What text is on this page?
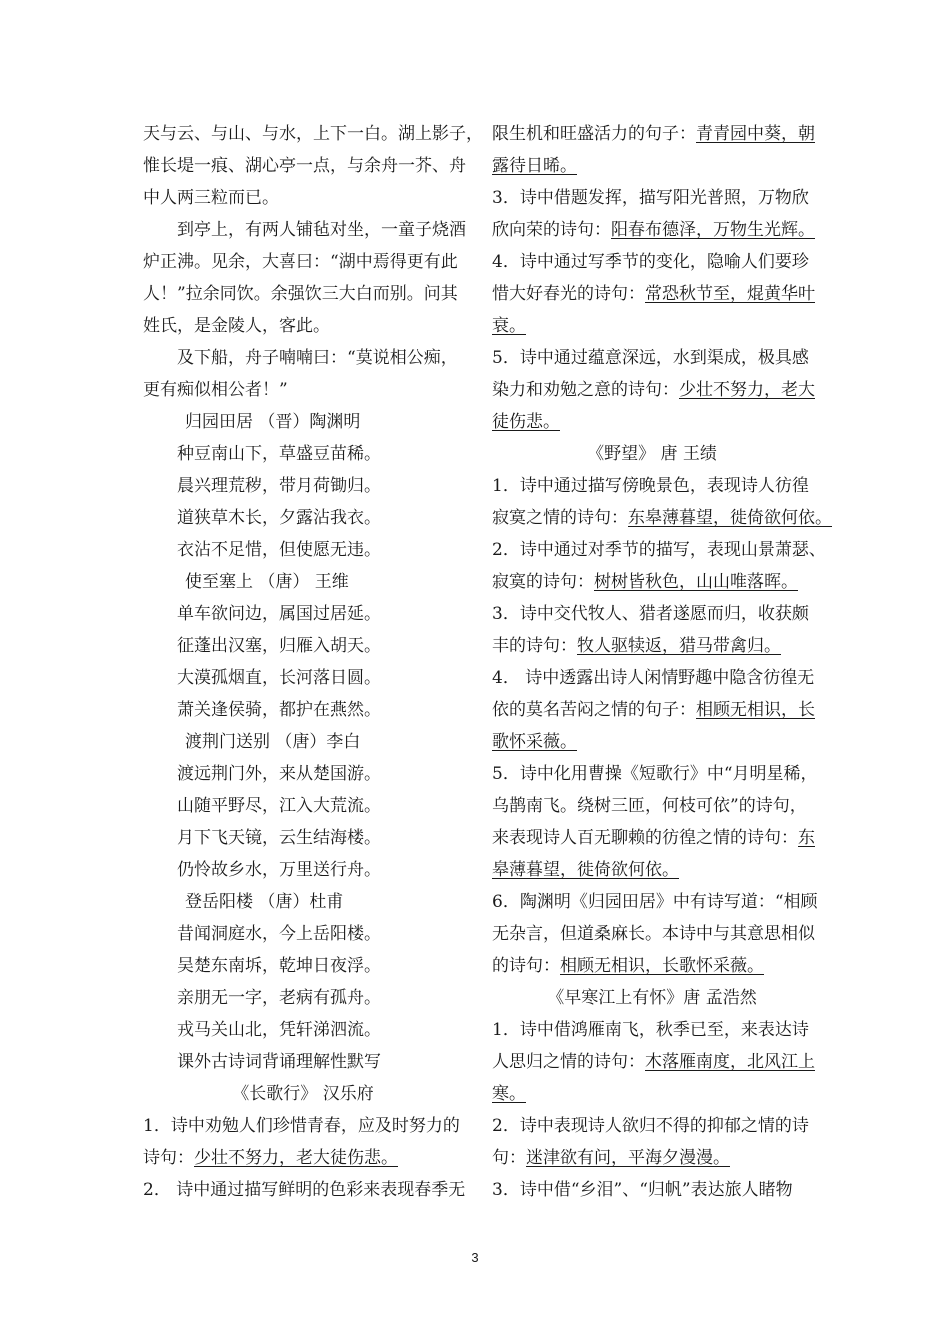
天与云、与山、与水，上下一白。湖上影子，
惟长堤一痕、湖心亭一点，与余舟一芥、舟
中人两三粒而已。
到亭上，有两人铺毡对坐，一童子烧酒
炉正沸。见余，大喜曰：“湖中焉得更有此
人！”拉余同饮。余强饮三大白而别。问其
姓氏，是金陵人，客此。
及下船，舟子喃喃曰：“莫说相公痴，
更有痴似相公者！”
归园田居 （晋）陶渊明
种豆南山下，草盛豆苗稀。
晨兴理荒秽，带月荷锄归。
道狭草木长，夕露沾我衣。
衣沾不足惜，但使愿无违。
使至塞上 （唐） 王维
单车欲问边，属国过居延。
征蓬出汉塞，归雁入胡天。
大漠孤烟直，长河落日圆。
萧关逢侯骑，都护在燕然。
渡荆门送别 （唐）李白
渡远荆门外，来从楚国游。
山随平野尽，江入大荒流。
月下飞天镜，云生结海楼。
仍怜故乡水，万里送行舟。
登岳阳楼 （唐）杜甫
昔闻洞庭水，今上岳阳楼。
吴楚东南坼，乾坤日夜浮。
亲朋无一字，老病有孤舟。
戎马关山北，凭轩涕泗流。
课外古诗词背诵理解性默写
《长歌行》 汉乐府
1．诗中劝勉人们珍惜青春，应及时努力的
诗句：少壮不努力，老大徒伤悲。
2． 诗中通过描写鲜明的色彩来表现春季无
限生机和旺盛活力的句子：青青园中葵，朝
露待日晞。
3．诗中借题发挥，描写阳光普照，万物欣
欣向荣的诗句：阳春布德泽，万物生光辉。
4．诗中通过写季节的变化，隐喻人们要珍
惜大好春光的诗句：常恐秋节至，焜黄华叶
衰。
5．诗中通过蕴意深远，水到渠成，极具感
染力和劝勉之意的诗句：少壮不努力，老大
徒伤悲。
《野望》 唐 王绩
1．诗中通过描写傍晚景色，表现诗人彷徨
寂寞之情的诗句：东皋薄暮望，徙倚欲何依。
2．诗中通过对季节的描写，表现山景萧瑟、
寂寞的诗句：树树皆秋色，山山唯落晖。
3．诗中交代牧人、猎者遂愿而归，收获颇
丰的诗句：牧人驱犊返，猎马带禽归。
4． 诗中透露出诗人闲情野趣中隐含彷徨无
依的莫名苦闷之情的句子：相顾无相识，长
歌怀采薇。
5．诗中化用曹操《短歌行》中“月明星稀，
乌鹊南飞。绕树三匝，何枝可依”的诗句，
来表现诗人百无聊赖的彷徨之情的诗句：东
皋薄暮望，徙倚欲何依。
6．陶渊明《归园田居》中有诗写道：“相顾
无杂言，但道桑麻长。本诗中与其意思相似
的诗句：相顾无相识，长歌怀采薇。
《早寒江上有怀》唐 孟浩然
1．诗中借鸿雁南飞，秋季已至，来表达诗
人思归之情的诗句：木落雁南度，北风江上
寒。
2．诗中表现诗人欲归不得的抑郁之情的诗
句：迷津欲有问，平海夕漫漫。
3．诗中借“乡泪”、“归帆”表达旅人睹物
3
